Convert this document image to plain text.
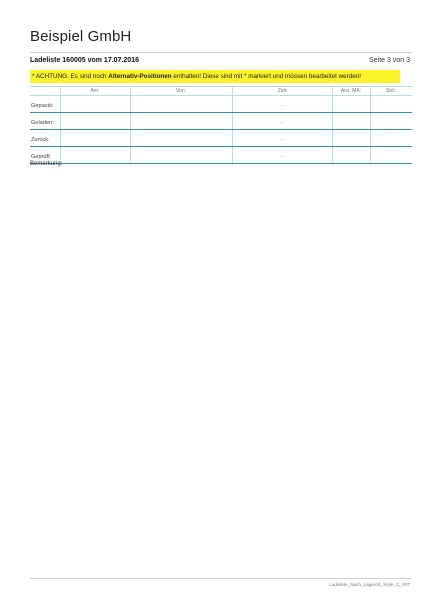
Beispiel GmbH
Ladeliste 160005 vom 17.07.2016	Seite 3 von 3
* ACHTUNG: Es sind noch Alternativ-Positionen enthalten! Diese sind mit * markiert und müssen bearbeitet werden!
	Am:	Von:	Zeit	Anz. MA:	Std.:

Gepackt:			-		

Geladen:			-		

Zurück:			-		

Geprüft:			-		
Bemerkung:
Ladeliste_Nach_Lagerort_Style_C_V07
